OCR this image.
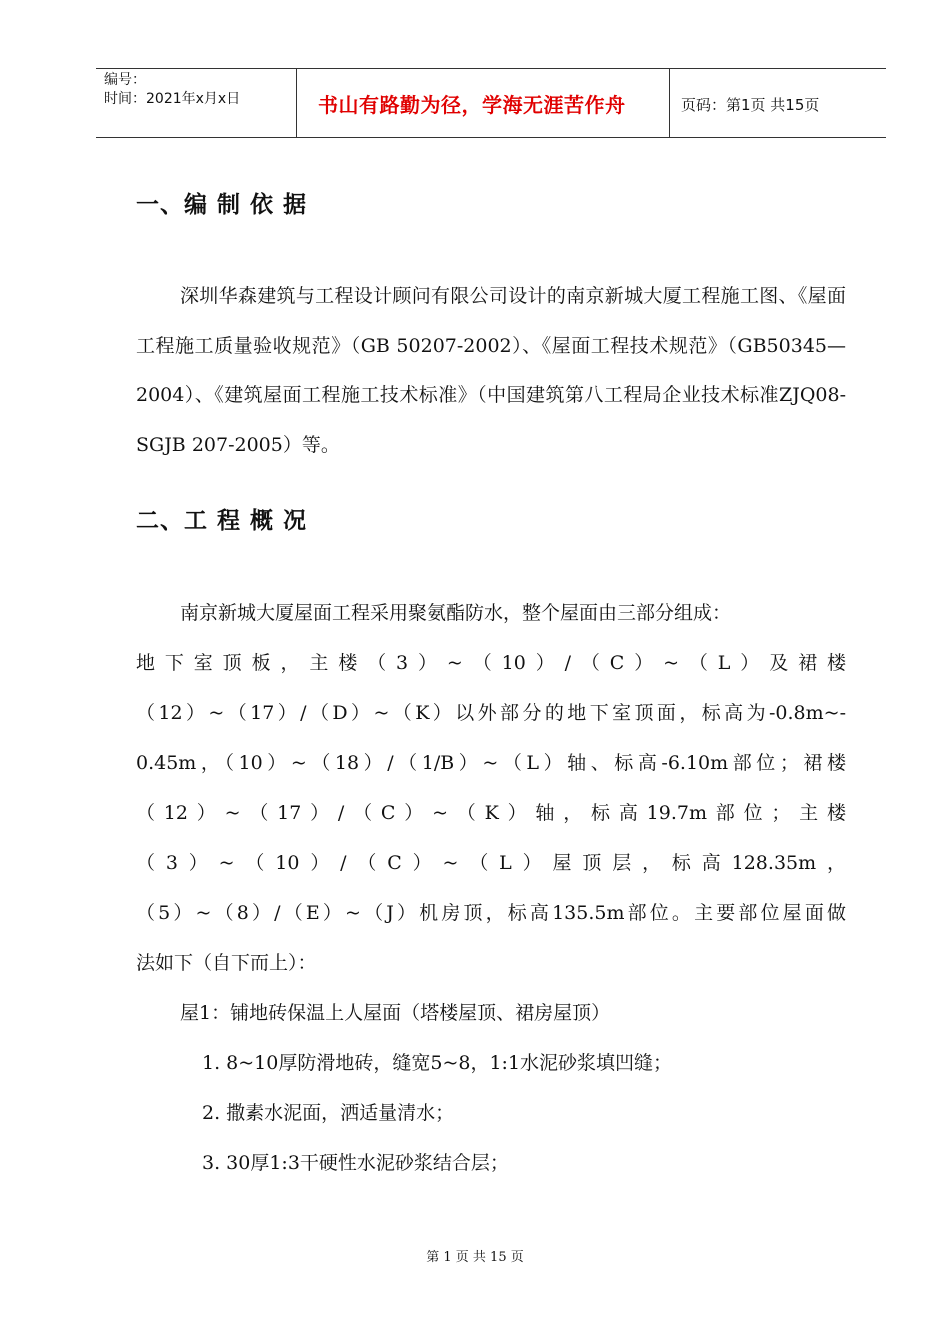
编号：
时间：2021年x月x日	书山有路勤为径，学海无涯苦作舟	页码：第1页 共15页
一、编 制 依 据

深圳华森建筑与工程设计顾问有限公司设计的南京新城大厦工程施工图、《屋面工程施工质量验收规范》（GB 50207-2002）、《屋面工程技术规范》（GB50345—2004）、《建筑屋面工程施工技术标准》（中国建筑第八工程局企业技术标准ZJQ08-SGJB 207-2005）等。

二、工 程 概 况

南京新城大厦屋面工程采用聚氨酯防水，整个屋面由三部分组成：

地下室顶板，主楼（3）~（10）/（C）~（L）及裙楼

（12）~（17）/（D）~（K）以外部分的地下室顶面，标高为-0.8m~-

0.45m，（10）~（18）/（1/B）~（L）轴、标高-6.10m部位；裙楼

（12）~（17）/（C）~（K）轴，标高19.7m部位；主楼

（3）~（10）/（C）~（L）屋顶层，标高128.35m，

（5）~（8）/（E）~（J）机房顶，标高135.5m部位。主要部位屋面做

法如下（自下而上）：

屋1：铺地砖保温上人屋面（塔楼屋顶、裙房屋顶）

1. 8~10厚防滑地砖，缝宽5~8，1:1水泥砂浆填凹缝；

2. 撒素水泥面，洒适量清水；

3. 30厚1:3干硬性水泥砂浆结合层；

第 1 页 共 15 页
